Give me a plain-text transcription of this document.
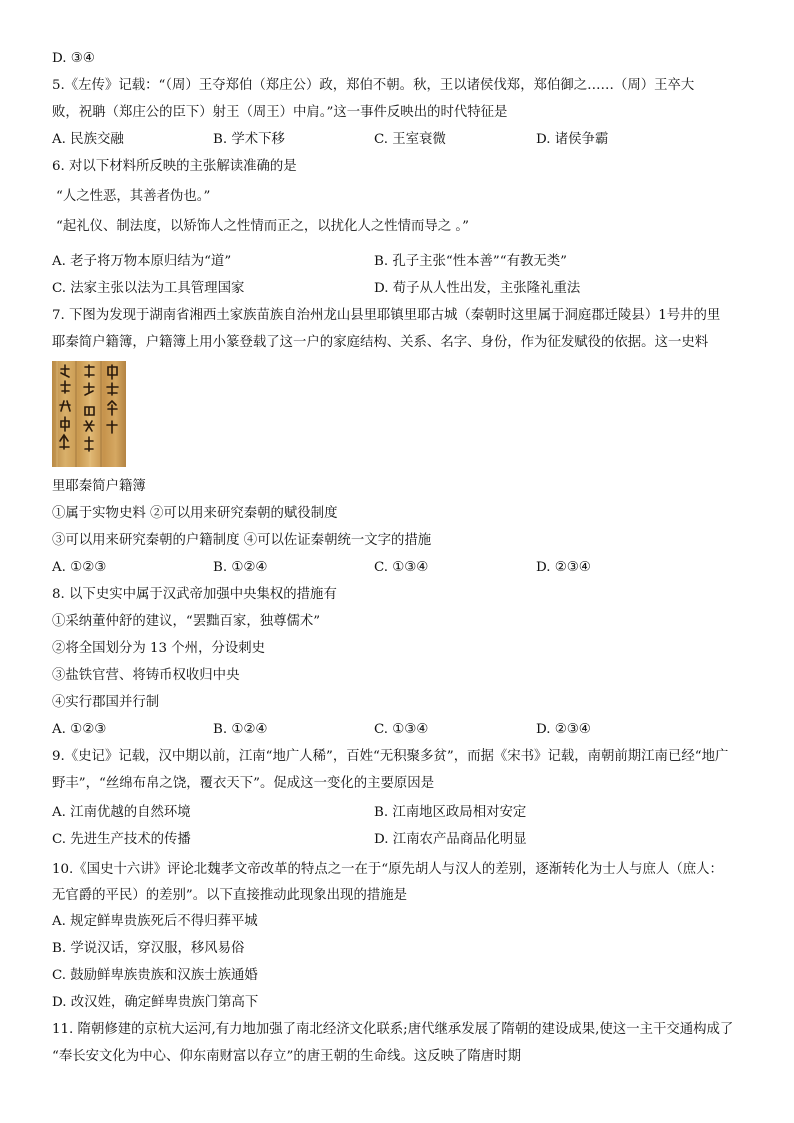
D. ③④
5.《左传》记载：“（周）王夺郑伯（郑庄公）政，郑伯不朝。秋，王以诸侯伐郑，郑伯御之……（周）王卒大
败，祝聃（郑庄公的臣下）射王（周王）中肩。”这一事件反映出的时代特征是
A. 民族交融	B. 学术下移	C. 王室衰微	D. 诸侯争霸
6. 对以下材料所反映的主张解读准确的是
“人之性恶，其善者伪也。”
“起礼仪、制法度，以矫饰人之性情而正之，以扰化人之性情而导之 。”
A. 老子将万物本原归结为“道”	B. 孔子主张“性本善”“有教无类”
C. 法家主张以法为工具管理国家	D. 荀子从人性出发，主张隆礼重法
7. 下图为发现于湖南省湘西土家族苗族自治州龙山县里耶镇里耶古城（秦朝时这里属于洞庭郡迁陵县）1号井的里
耶秦简户籍簿，户籍簿上用小篆登载了这一户的家庭结构、关系、名字、身份，作为征发赋役的依据。这一史料
里耶秦简户籍簿
①属于实物史料 ②可以用来研究秦朝的赋役制度
③可以用来研究秦朝的户籍制度 ④可以佐证秦朝统一文字的措施
A. ①②③	B. ①②④	C. ①③④	D. ②③④
8. 以下史实中属于汉武帝加强中央集权的措施有
①采纳董仲舒的建议，“罢黜百家，独尊儒术”
②将全国划分为 13 个州，分设刺史
③盐铁官营、将铸币权收归中央
④实行郡国并行制
A. ①②③	B. ①②④	C. ①③④	D. ②③④
9.《史记》记载，汉中期以前，江南“地广人稀”，百姓“无积聚多贫”，而据《宋书》记载，南朝前期江南已经“地广
野丰”，“丝绵布帛之饶，覆衣天下”。促成这一变化的主要原因是
A. 江南优越的自然环境	B. 江南地区政局相对安定
C. 先进生产技术的传播	D. 江南农产品商品化明显
10.《国史十六讲》评论北魏孝文帝改革的特点之一在于“原先胡人与汉人的差别，逐渐转化为士人与庶人（庶人：
无官爵的平民）的差别”。以下直接推动此现象出现的措施是
A. 规定鲜卑贵族死后不得归葬平城
B. 学说汉话，穿汉服，移风易俗
C. 鼓励鲜卑族贵族和汉族士族通婚
D. 改汉姓，确定鲜卑贵族门第高下
11. 隋朝修建的京杭大运河,有力地加强了南北经济文化联系;唐代继承发展了隋朝的建设成果,使这一主干交通构成了
“奉长安文化为中心、仰东南财富以存立”的唐王朝的生命线。这反映了隋唐时期
